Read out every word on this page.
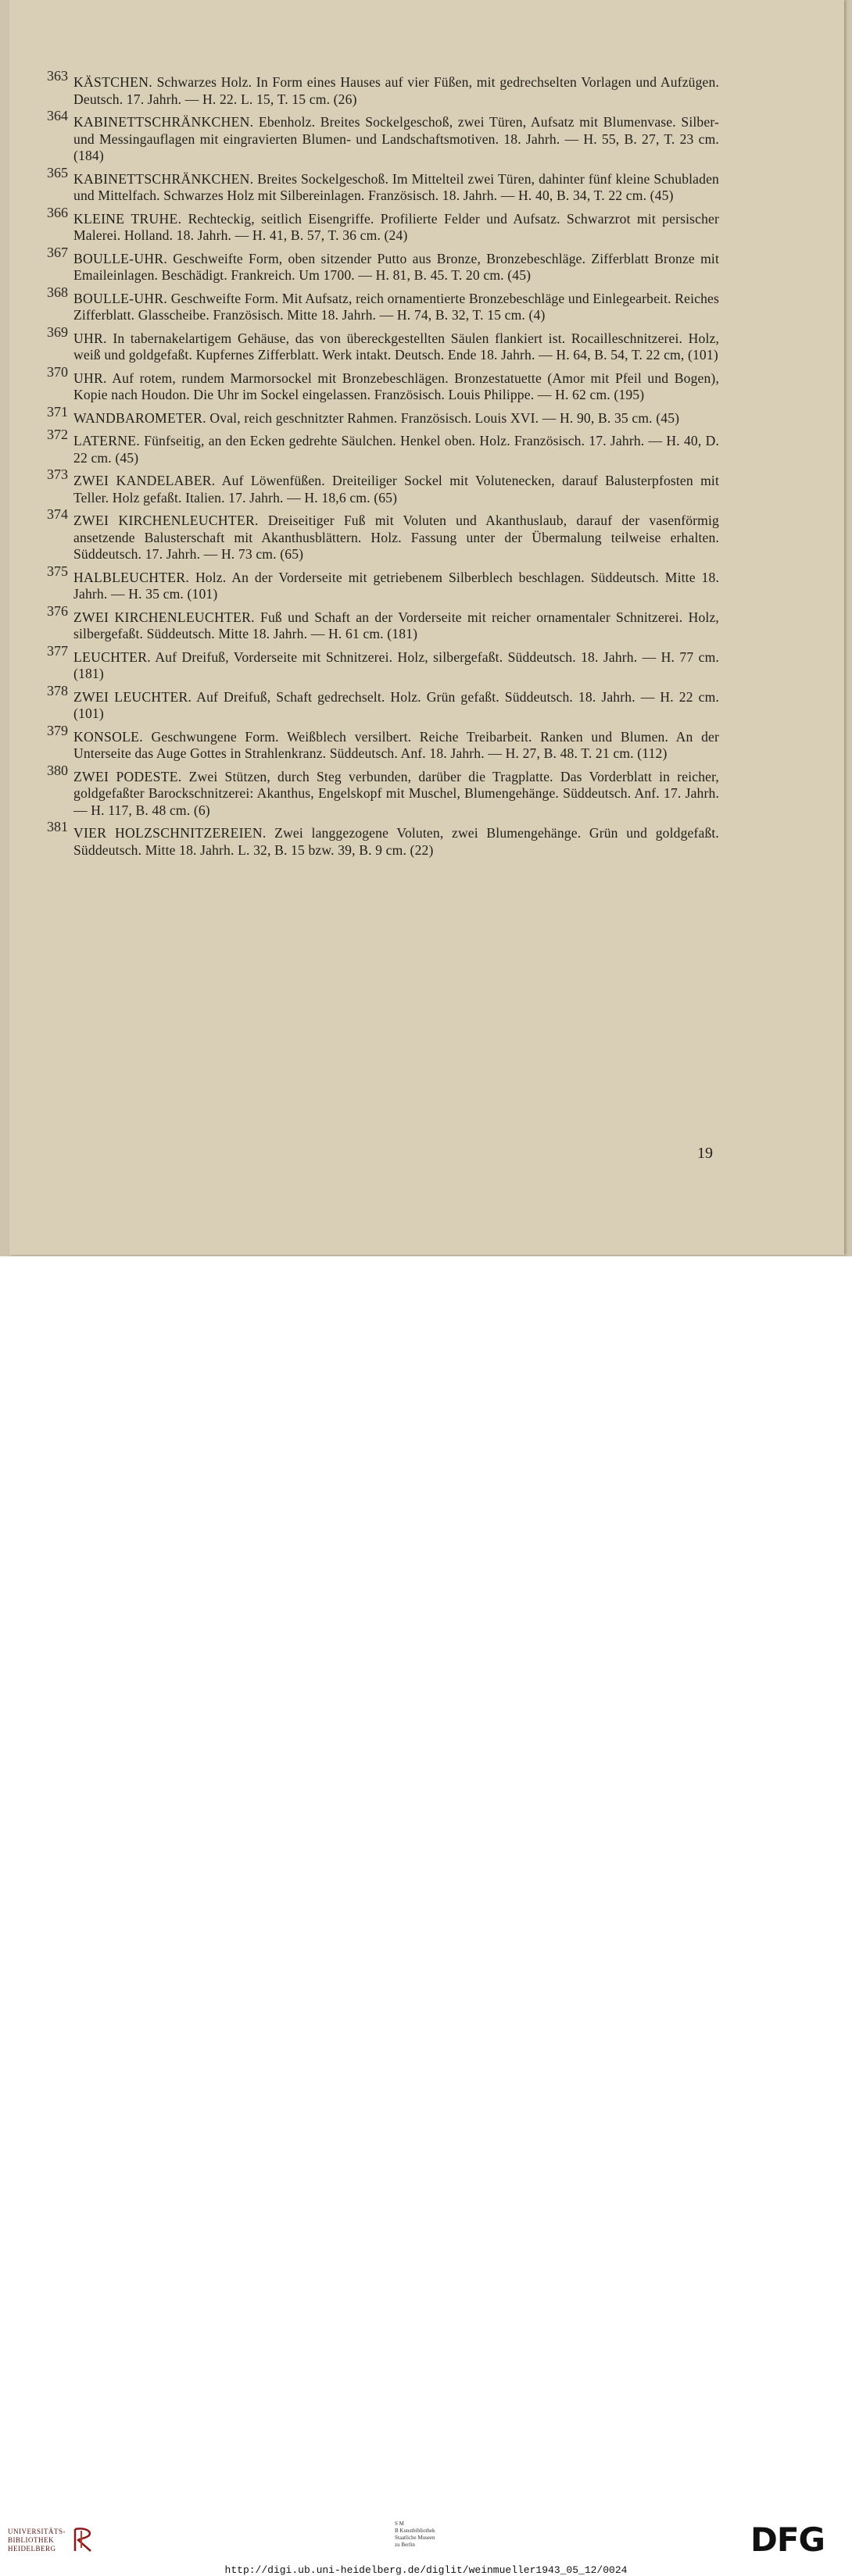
363 KÄSTCHEN. Schwarzes Holz. In Form eines Hauses auf vier Füßen, mit gedrechselten Vorlagen und Aufzügen. Deutsch. 17. Jahrh. — H. 22. L. 15, T. 15 cm. (26)
364 KABINETTSCHRÄNKCHEN. Ebenholz. Breites Sockelgeschoß, zwei Türen, Aufsatz mit Blumenvase. Silber- und Messingauflagen mit eingravierten Blumen- und Landschaftsmotiven. 18. Jahrh. — H. 55, B. 27, T. 23 cm. (184)
365 KABINETTSCHRÄNKCHEN. Breites Sockelgeschoß. Im Mittelteil zwei Türen, dahinter fünf kleine Schubladen und Mittelfach. Schwarzes Holz mit Silbereinlagen. Französisch. 18. Jahrh. — H. 40, B. 34, T. 22 cm. (45)
366 KLEINE TRUHE. Rechteckig, seitlich Eisengriffe. Profilierte Felder und Aufsatz. Schwarzrot mit persischer Malerei. Holland. 18. Jahrh. — H. 41, B. 57, T. 36 cm. (24)
367 BOULLE-UHR. Geschweifte Form, oben sitzender Putto aus Bronze, Bronzebeschläge. Zifferblatt Bronze mit Emaileinlagen. Beschädigt. Frankreich. Um 1700. — H. 81, B. 45. T. 20 cm. (45)
368 BOULLE-UHR. Geschweifte Form. Mit Aufsatz, reich ornamentierte Bronzebeschläge und Einlegearbeit. Reiches Zifferblatt. Glasscheibe. Französisch. Mitte 18. Jahrh. — H. 74, B. 32, T. 15 cm. (4)
369 UHR. In tabernakelartigem Gehäuse, das von übereckgestellten Säulen flankiert ist. Rocailleschnitzerei. Holz, weiß und goldgefaßt. Kupfernes Zifferblatt. Werk intakt. Deutsch. Ende 18. Jahrh. — H. 64, B. 54, T. 22 cm, (101)
370 UHR. Auf rotem, rundem Marmorsockel mit Bronzebeschlägen. Bronzestatuette (Amor mit Pfeil und Bogen), Kopie nach Houdon. Die Uhr im Sockel eingelassen. Französisch. Louis Philippe. — H. 62 cm. (195)
371 WANDBAROMETER. Oval, reich geschnitzter Rahmen. Französisch. Louis XVI. — H. 90, B. 35 cm. (45)
372 LATERNE. Fünfseitig, an den Ecken gedrehte Säulchen. Henkel oben. Holz. Französisch. 17. Jahrh. — H. 40, D. 22 cm. (45)
373 ZWEI KANDELABER. Auf Löwenfüßen. Dreiteiliger Sockel mit Volutenecken, darauf Balusterpfosten mit Teller. Holz gefaßt. Italien. 17. Jahrh. — H. 18,6 cm. (65)
374 ZWEI KIRCHENLEUCHTER. Dreiseitiger Fuß mit Voluten und Akanthuslaub, darauf der vasenförmig ansetzende Balusterschaft mit Akanthusblättern. Holz. Fassung unter der Übermalung teilweise erhalten. Süddeutsch. 17. Jahrh. — H. 73 cm. (65)
375 HALBLEUCHTER. Holz. An der Vorderseite mit getriebenem Silberblech beschlagen. Süddeutsch. Mitte 18. Jahrh. — H. 35 cm. (101)
376 ZWEI KIRCHENLEUCHTER. Fuß und Schaft an der Vorderseite mit reicher ornamentaler Schnitzerei. Holz, silbergefaßt. Süddeutsch. Mitte 18. Jahrh. — H. 61 cm. (181)
377 LEUCHTER. Auf Dreifuß, Vorderseite mit Schnitzerei. Holz, silbergefaßt. Süddeutsch. 18. Jahrh. — H. 77 cm. (181)
378 ZWEI LEUCHTER. Auf Dreifuß, Schaft gedrechselt. Holz. Grün gefaßt. Süddeutsch. 18. Jahrh. — H. 22 cm. (101)
379 KONSOLE. Geschwungene Form. Weißblech versilbert. Reiche Treibarbeit. Ranken und Blumen. An der Unterseite das Auge Gottes in Strahlenkranz. Süddeutsch. Anf. 18. Jahrh. — H. 27, B. 48. T. 21 cm. (112)
380 ZWEI PODESTE. Zwei Stützen, durch Steg verbunden, darüber die Tragplatte. Das Vorderblatt in reicher, goldgefaßter Barockschnitzerei: Akanthus, Engelskopf mit Muschel, Blumengehänge. Süddeutsch. Anf. 17. Jahrh. — H. 117, B. 48 cm. (6)
381 VIER HOLZSCHNITZEREIEN. Zwei langgezogene Voluten, zwei Blumengehänge. Grün und goldgefaßt. Süddeutsch. Mitte 18. Jahrh. L. 32, B. 15 bzw. 39, B. 9 cm. (22)
19
UNIVERSITÄTS-
BIBLIOTHEK
HEIDELBERG
S M
B Kunstbibliothek
Staatliche Museen
zu Berlin	DFG
http://digi.ub.uni-heidelberg.de/diglit/weinmueller1943_05_12/0024
